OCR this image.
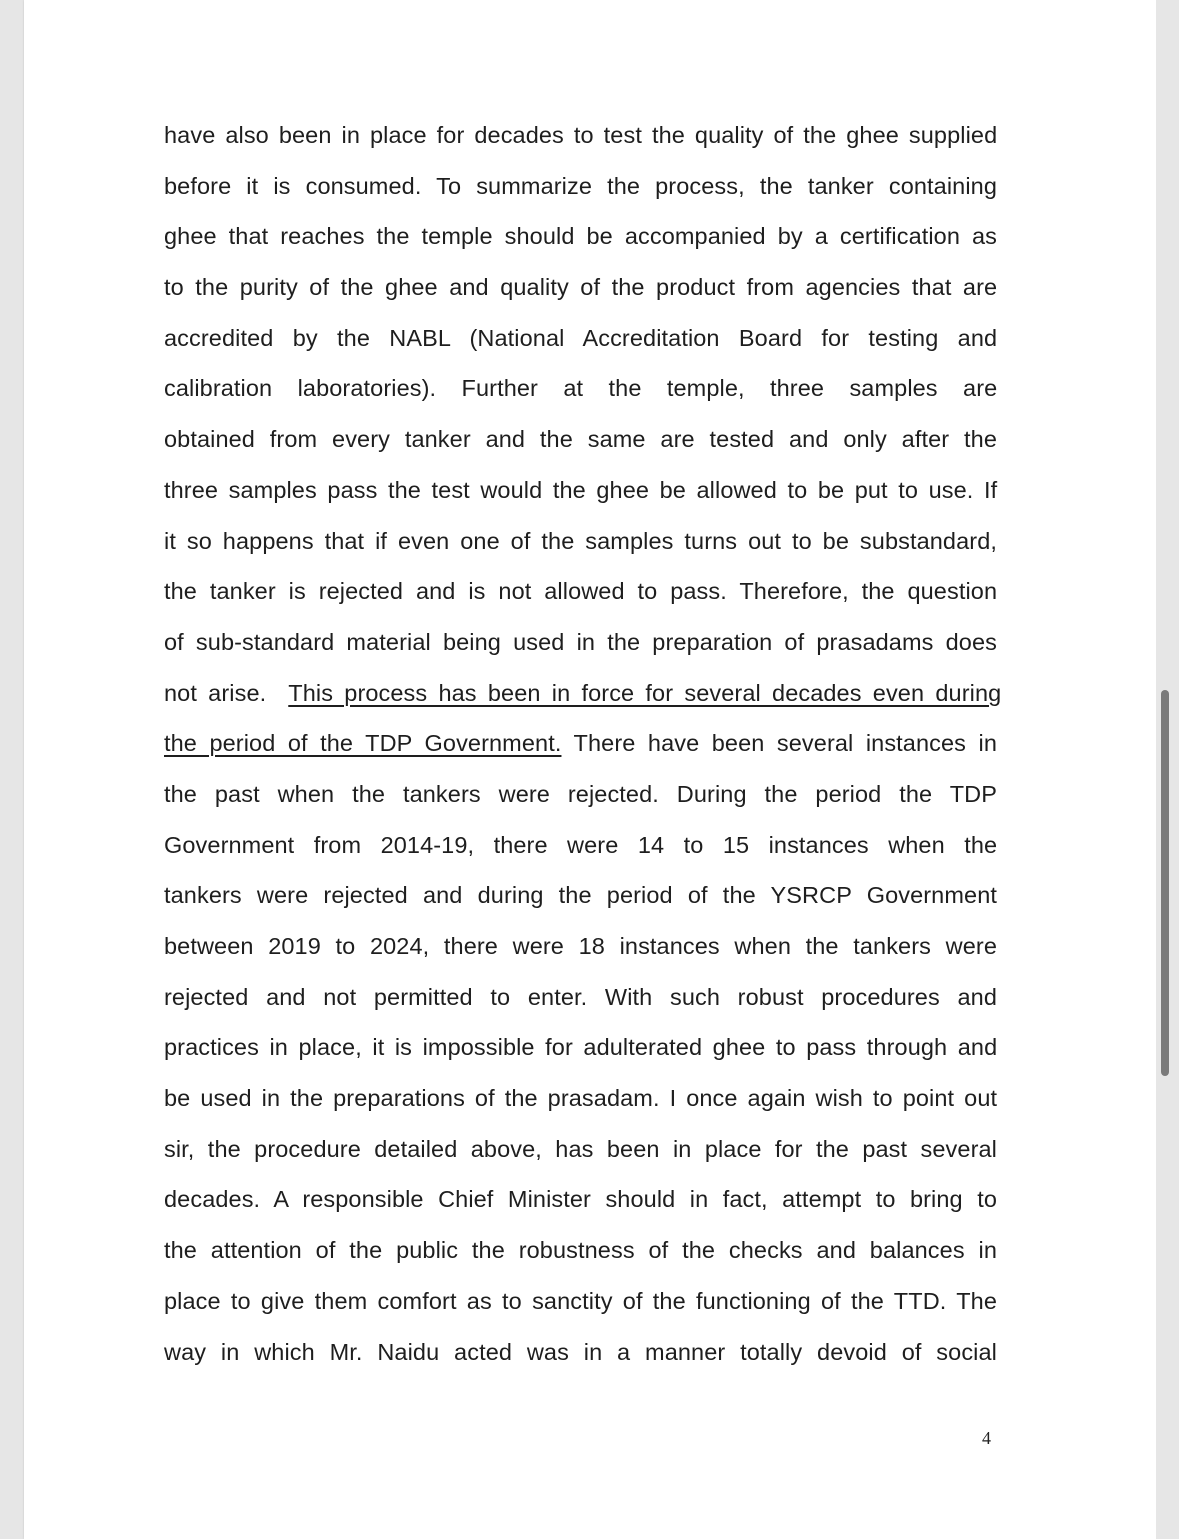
have also been in place for decades to test the quality of the ghee supplied
before it is consumed. To summarize the process, the tanker containing
ghee that reaches the temple should be accompanied by a certification as
to the purity of the ghee and quality of the product from agencies that are
accredited by the NABL (National Accreditation Board for testing and
calibration laboratories). Further at the temple, three samples are
obtained from every tanker and the same are tested and only after the
three samples pass the test would the ghee be allowed to be put to use. If
it so happens that if even one of the samples turns out to be substandard,
the tanker is rejected and is not allowed to pass. Therefore, the question
of sub-standard material being used in the preparation of prasadams does
not arise. This process has been in force for several decades even during
the period of the TDP Government. There have been several instances in
the past when the tankers were rejected. During the period the TDP
Government from 2014-19, there were 14 to 15 instances when the
tankers were rejected and during the period of the YSRCP Government
between 2019 to 2024, there were 18 instances when the tankers were
rejected and not permitted to enter. With such robust procedures and
practices in place, it is impossible for adulterated ghee to pass through and
be used in the preparations of the prasadam. I once again wish to point out
sir, the procedure detailed above, has been in place for the past several
decades. A responsible Chief Minister should in fact, attempt to bring to
the attention of the public the robustness of the checks and balances in
place to give them comfort as to sanctity of the functioning of the TTD. The
way in which Mr. Naidu acted was in a manner totally devoid of social
4
